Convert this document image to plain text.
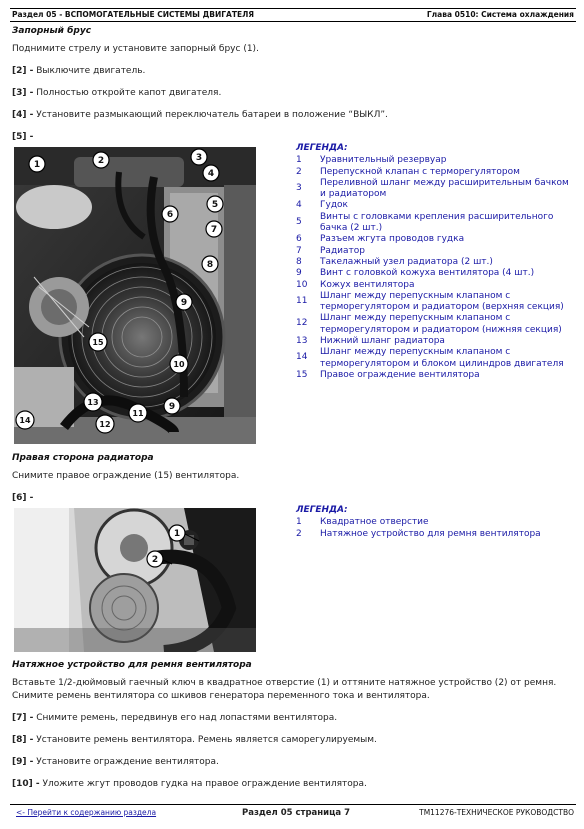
Раздел 05 - ВСПОМОГАТЕЛЬНЫЕ СИСТЕМЫ ДВИГАТЕЛЯ	Глава 0510: Система охлаждения
Запорный брус
Поднимите стрелу и установите запорный брус (1).
[2] - Выключите двигатель.
[3] - Полностью откройте капот двигателя.
[4] - Установите размыкающий переключатель батареи в положение “ВЫКЛ”.
[5] -
1	2	3
4
5
6
7
8
9
10
11
12
13
14
15
9
ЛЕГЕНДА:
1	Уравнительный резервуар
2	Перепускной клапан с терморегулятором
3	Переливной шланг между расширительным бачком и радиатором
4	Гудок
5	Винты с головками крепления расширительного бачка (2 шт.)
6	Разъем жгута проводов гудка
7	Радиатор
8	Такелажный узел радиатора (2 шт.)
9	Винт с головкой кожуха вентилятора (4 шт.)
10	Кожух вентилятора
11	Шланг между перепускным клапаном с терморегулятором и радиатором (верхняя секция)
12	Шланг между перепускным клапаном с терморегулятором и радиатором (нижняя секция)
13	Нижний шланг радиатора
14	Шланг между перепускным клапаном с терморегулятором и блоком цилиндров двигателя
15	Правое ограждение вентилятора
Правая сторона радиатора
Снимите правое ограждение (15) вентилятора.
[6] -
1
2
ЛЕГЕНДА:
1	Квадратное отверстие
2	Натяжное устройство для ремня вентилятора
Натяжное устройство для ремня вентилятора
Вставьте 1/2-дюймовый гаечный ключ в квадратное отверстие (1) и оттяните натяжное устройство (2) от ремня.
Снимите ремень вентилятора со шкивов генератора переменного тока и вентилятора.
[7] - Снимите ремень, передвинув его над лопастями вентилятора.
[8] - Установите ремень вентилятора. Ремень является саморегулируемым.
[9] - Установите ограждение вентилятора.
[10] - Уложите жгут проводов гудка на правое ограждение вентилятора.
<- Перейти к содержанию раздела	Раздел 05 страница 7	TM11276-ТЕХНИЧЕСКОЕ РУКОВОДСТВО
